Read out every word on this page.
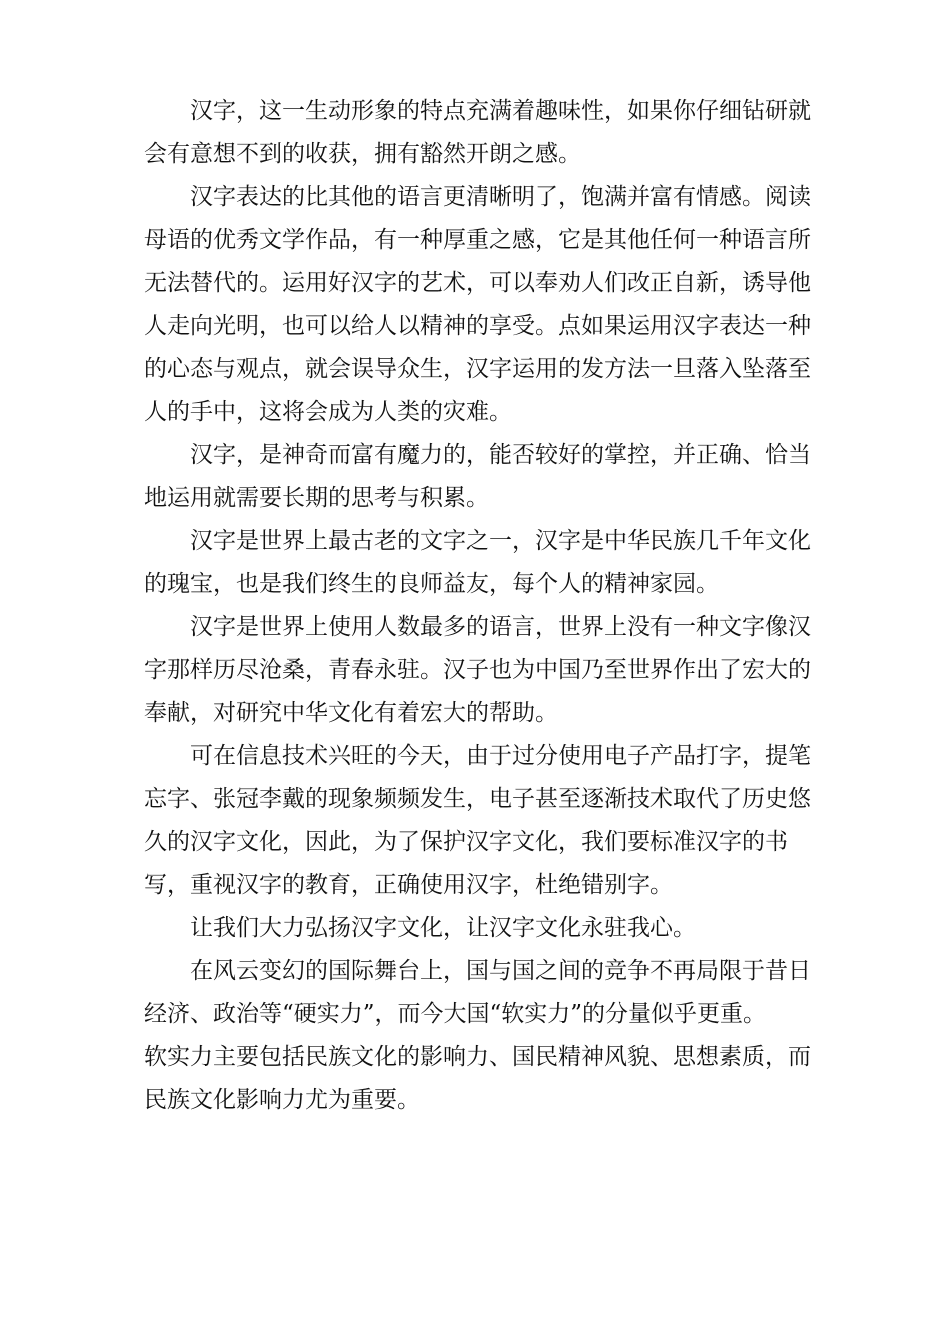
汉字，这一生动形象的特点充满着趣味性，如果你仔细钻研就
会有意想不到的收获，拥有豁然开朗之感。
汉字表达的比其他的语言更清晰明了，饱满并富有情感。阅读
母语的优秀文学作品，有一种厚重之感，它是其他任何一种语言所
无法替代的。运用好汉字的艺术，可以奉劝人们改正自新，诱导他
人走向光明，也可以给人以精神的享受。点如果运用汉字表达一种
的心态与观点，就会误导众生，汉字运用的发方法一旦落入坠落至
人的手中，这将会成为人类的灾难。
汉字，是神奇而富有魔力的，能否较好的掌控，并正确、恰当
地运用就需要长期的思考与积累。
汉字是世界上最古老的文字之一，汉字是中华民族几千年文化
的瑰宝，也是我们终生的良师益友，每个人的精神家园。
汉字是世界上使用人数最多的语言，世界上没有一种文字像汉
字那样历尽沧桑，青春永驻。汉子也为中国乃至世界作出了宏大的
奉献，对研究中华文化有着宏大的帮助。
可在信息技术兴旺的今天，由于过分使用电子产品打字，提笔
忘字、张冠李戴的现象频频发生，电子甚至逐渐技术取代了历史悠
久的汉字文化，因此，为了保护汉字文化，我们要标准汉字的书
写，重视汉字的教育，正确使用汉字，杜绝错别字。
让我们大力弘扬汉字文化，让汉字文化永驻我心。
在风云变幻的国际舞台上，国与国之间的竞争不再局限于昔日
经济、政治等“硬实力”，而今大国“软实力”的分量似乎更重。
软实力主要包括民族文化的影响力、国民精神风貌、思想素质，而
民族文化影响力尤为重要。
